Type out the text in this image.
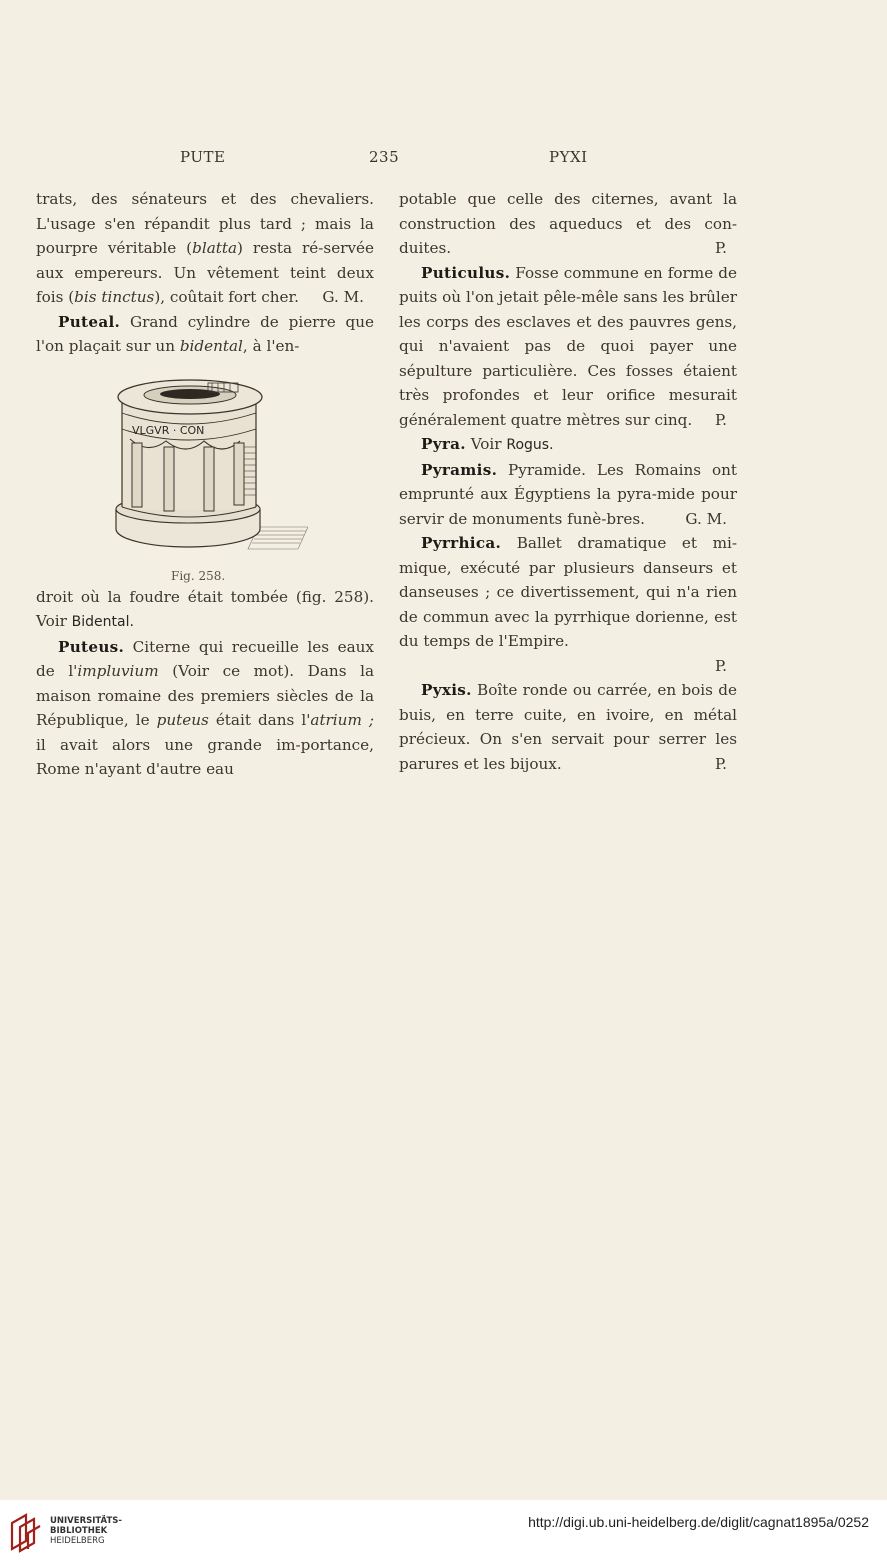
PUTE	235	PYXI

trats, des sénateurs et des chevaliers. L'usage s'en répandit plus tard ; mais la pourpre véritable (blatta) resta ré-servée aux empereurs. Un vêtement teint deux fois (bis tinctus), coûtait fort cher.	G. M.

Puteal. Grand cylindre de pierre que l'on plaçait sur un bidental, à l'en-

VLGVR · CON
Fig. 258.

droit où la foudre était tombée (fig. 258). Voir Bidental.

Puteus. Citerne qui recueille les eaux de l'impluvium (Voir ce mot). Dans la maison romaine des premiers siècles de la République, le puteus était dans l'atrium ; il avait alors une grande im-portance, Rome n'ayant d'autre eau

potable que celle des citernes, avant la construction des aqueducs et des con-duites.	P.

Puticulus. Fosse commune en forme de puits où l'on jetait pêle-mêle sans les brûler les corps des esclaves et des pauvres gens, qui n'avaient pas de quoi payer une sépulture particulière. Ces fosses étaient très profondes et leur orifice mesurait généralement quatre mètres sur cinq.	P.

Pyra. Voir Rogus.

Pyramis. Pyramide. Les Romains ont emprunté aux Égyptiens la pyra-mide pour servir de monuments funè-bres.	G. M.

Pyrrhica. Ballet dramatique et mi-mique, exécuté par plusieurs danseurs et danseuses ; ce divertissement, qui n'a rien de commun avec la pyrrhique dorienne, est du temps de l'Empire.

P.

Pyxis. Boîte ronde ou carrée, en bois de buis, en terre cuite, en ivoire, en métal précieux. On s'en servait pour serrer les parures et les bijoux.	P.

UNIVERSITÄTS-
BIBLIOTHEK
HEIDELBERG
http://digi.ub.uni-heidelberg.de/diglit/cagnat1895a/0252
